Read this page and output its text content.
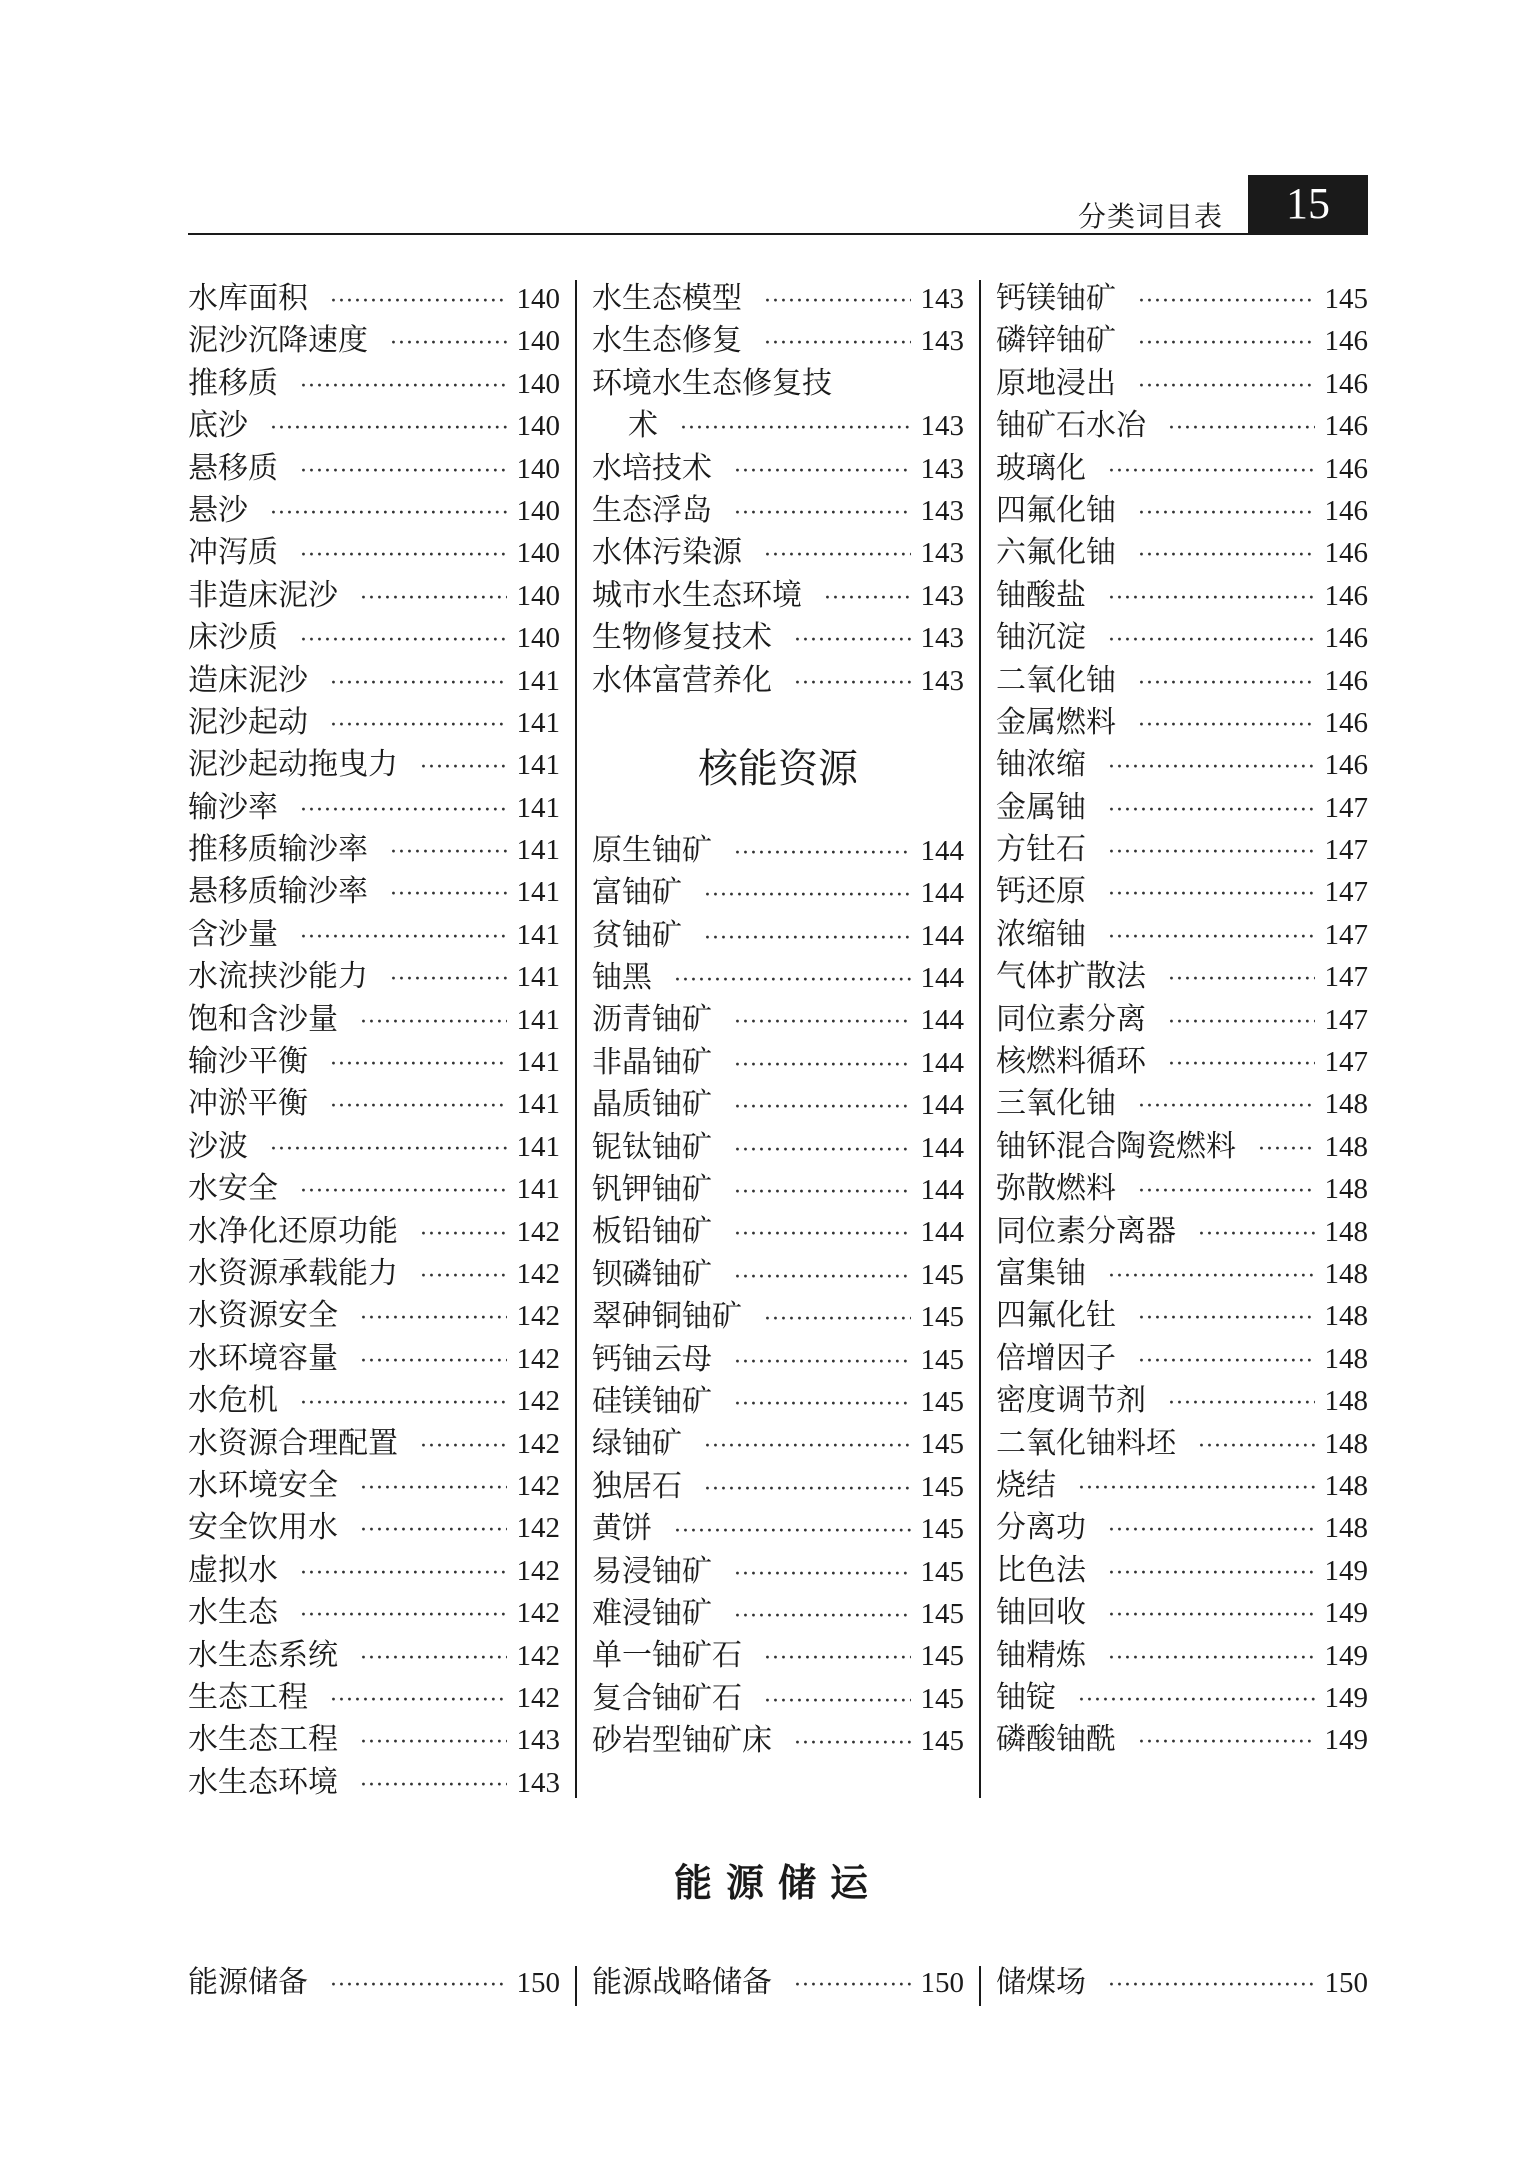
分类词目表	15
水库面积 ·····	140
泥沙沉降速度 ·····	140
推移质 ·····	140
底沙 ·····	140
悬移质 ·····	140
悬沙 ·····	140
冲泻质 ·····	140
非造床泥沙 ·····	140
床沙质 ·····	140
造床泥沙 ·····	141
泥沙起动 ·····	141
泥沙起动拖曳力 ·····	141
输沙率 ·····	141
推移质输沙率 ·····	141
悬移质输沙率 ·····	141
含沙量 ·····	141
水流挟沙能力 ·····	141
饱和含沙量 ·····	141
输沙平衡 ·····	141
冲淤平衡 ·····	141
沙波 ·····	141
水安全 ·····	141
水净化还原功能 ·····	142
水资源承载能力 ·····	142
水资源安全 ·····	142
水环境容量 ·····	142
水危机 ·····	142
水资源合理配置 ·····	142
水环境安全 ·····	142
安全饮用水 ·····	142
虚拟水 ·····	142
水生态 ·····	142
水生态系统 ·····	142
生态工程 ·····	142
水生态工程 ·····	143
水生态环境 ·····	143
水生态模型 ·····	143
水生态修复 ·····	143
环境水生态修复技
术 ·····	143
水培技术 ·····	143
生态浮岛 ·····	143
水体污染源 ·····	143
城市水生态环境 ·····	143
生物修复技术 ·····	143
水体富营养化 ·····	143
核能资源
原生铀矿 ·····	144
富铀矿 ·····	144
贫铀矿 ·····	144
铀黑 ·····	144
沥青铀矿 ·····	144
非晶铀矿 ·····	144
晶质铀矿 ·····	144
铌钛铀矿 ·····	144
钒钾铀矿 ·····	144
板铅铀矿 ·····	144
钡磷铀矿 ·····	145
翠砷铜铀矿 ·····	145
钙铀云母 ·····	145
硅镁铀矿 ·····	145
绿铀矿 ·····	145
独居石 ·····	145
黄饼 ·····	145
易浸铀矿 ·····	145
难浸铀矿 ·····	145
单一铀矿石 ·····	145
复合铀矿石 ·····	145
砂岩型铀矿床 ·····	145
钙镁铀矿 ·····	145
磷锌铀矿 ·····	146
原地浸出 ·····	146
铀矿石水冶 ·····	146
玻璃化 ·····	146
四氟化铀 ·····	146
六氟化铀 ·····	146
铀酸盐 ·····	146
铀沉淀 ·····	146
二氧化铀 ·····	146
金属燃料 ·····	146
铀浓缩 ·····	146
金属铀 ·····	147
方钍石 ·····	147
钙还原 ·····	147
浓缩铀 ·····	147
气体扩散法 ·····	147
同位素分离 ·····	147
核燃料循环 ·····	147
三氧化铀 ·····	148
铀钚混合陶瓷燃料 ·····	148
弥散燃料 ·····	148
同位素分离器 ·····	148
富集铀 ·····	148
四氟化钍 ·····	148
倍增因子 ·····	148
密度调节剂 ·····	148
二氧化铀料坯 ·····	148
烧结 ·····	148
分离功 ·····	148
比色法 ·····	149
铀回收 ·····	149
铀精炼 ·····	149
铀锭 ·····	149
磷酸铀酰 ·····	149
能源储运
能源储备 ·····	150 能源战略储备 ·····	150 储煤场 ·····	150
